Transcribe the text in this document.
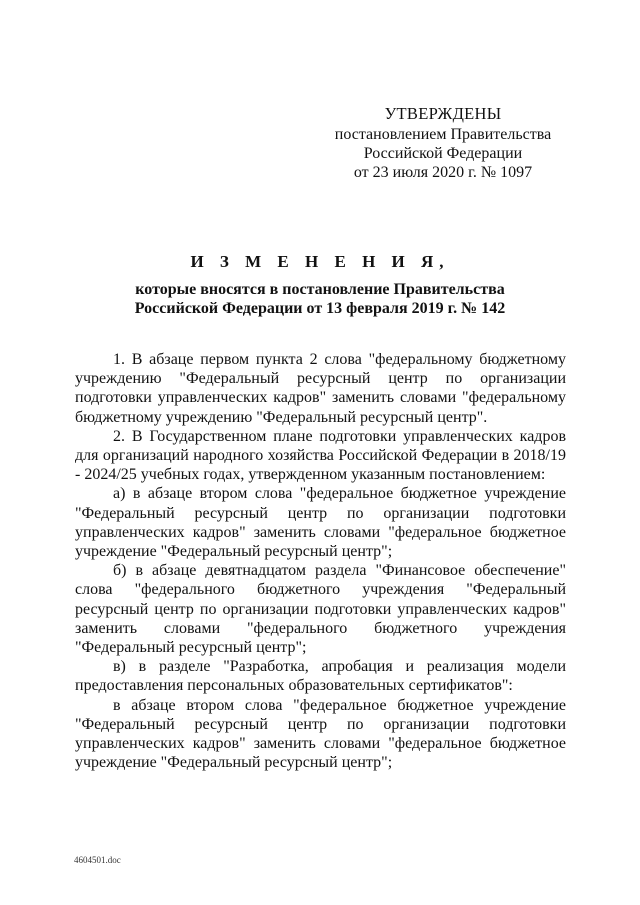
УТВЕРЖДЕНЫ
постановлением Правительства
Российской Федерации
от 23 июля 2020 г. № 1097
И З М Е Н Е Н И Я,
которые вносятся в постановление Правительства
Российской Федерации от 13 февраля 2019 г. № 142

1. В абзаце первом пункта 2 слова "федеральному бюджетному учреждению "Федеральный ресурсный центр по организации подготовки управленческих кадров" заменить словами "федеральному бюджетному учреждению "Федеральный ресурсный центр".

2. В Государственном плане подготовки управленческих кадров для организаций народного хозяйства Российской Федерации в 2018/19 - 2024/25 учебных годах, утвержденном указанным постановлением:

а) в абзаце втором слова "федеральное бюджетное учреждение "Федеральный ресурсный центр по организации подготовки управленческих кадров" заменить словами "федеральное бюджетное учреждение "Федеральный ресурсный центр";

б) в абзаце девятнадцатом раздела "Финансовое обеспечение" слова "федерального бюджетного учреждения "Федеральный ресурсный центр по организации подготовки управленческих кадров" заменить словами "федерального бюджетного учреждения "Федеральный ресурсный центр";

в) в разделе "Разработка, апробация и реализация модели предоставления персональных образовательных сертификатов":

в абзаце втором слова "федеральное бюджетное учреждение "Федеральный ресурсный центр по организации подготовки управленческих кадров" заменить словами "федеральное бюджетное учреждение "Федеральный ресурсный центр";

4604501.doc
